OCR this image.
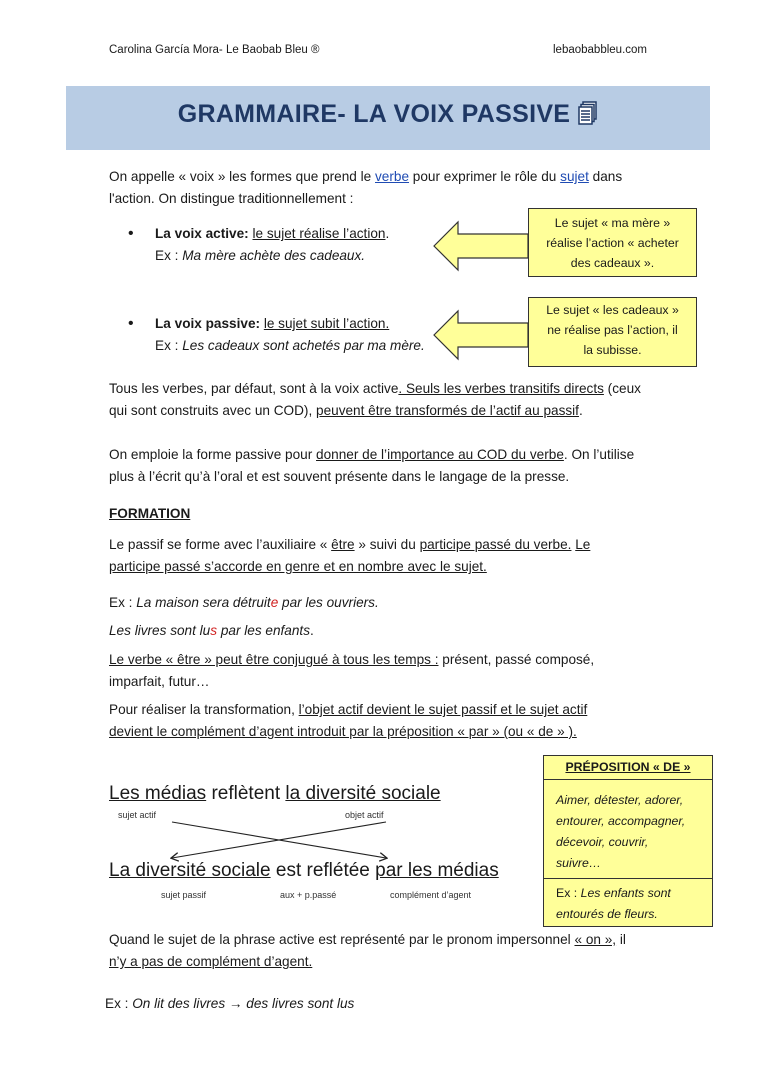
Carolina García Mora- Le Baobab Bleu ®	lebaobabbleu.com
GRAMMAIRE- LA VOIX PASSIVE
On appelle « voix » les formes que prend le verbe pour exprimer le rôle du sujet dans
l'action. On distingue traditionnellement :
• La voix active: le sujet réalise l’action.
Ex : Ma mère achète des cadeaux.
• La voix passive: le sujet subit l’action.
Ex : Les cadeaux sont achetés par ma mère.
Le sujet « ma mère »
réalise l’action « acheter
des cadeaux ».
Le sujet « les cadeaux »
ne réalise pas l’action, il
la subisse.
Tous les verbes, par défaut, sont à la voix active. Seuls les verbes transitifs directs (ceux
qui sont construits avec un COD), peuvent être transformés de l’actif au passif.
On emploie la forme passive pour donner de l’importance au COD du verbe. On l’utilise
plus à l’écrit qu’à l’oral et est souvent présente dans le langage de la presse.
FORMATION
Le passif se forme avec l’auxiliaire « être » suivi du participe passé du verbe. Le
participe passé s’accorde en genre et en nombre avec le sujet.
Ex : La maison sera détruite par les ouvriers.
Les livres sont lus par les enfants.
Le verbe « être » peut être conjugué à tous les temps : présent, passé composé,
imparfait, futur…
Pour réaliser la transformation, l’objet actif devient le sujet passif et le sujet actif
devient le complément d’agent introduit par la préposition « par » (ou « de » ).
PRÉPOSITION « DE »
Aimer, détester, adorer,
entourer, accompagner,
décevoir, couvrir,
suivre…
Ex : Les enfants sont
entourés de fleurs.
Les médias reflètent la diversité sociale
sujet actif	objet actif
La diversité sociale est reflétée par les médias
sujet passif	aux + p.passé	complément d’agent
Quand le sujet de la phrase active est représenté par le pronom impersonnel « on », il
n’y a pas de complément d’agent.
Ex : On lit des livres → des livres sont lus
